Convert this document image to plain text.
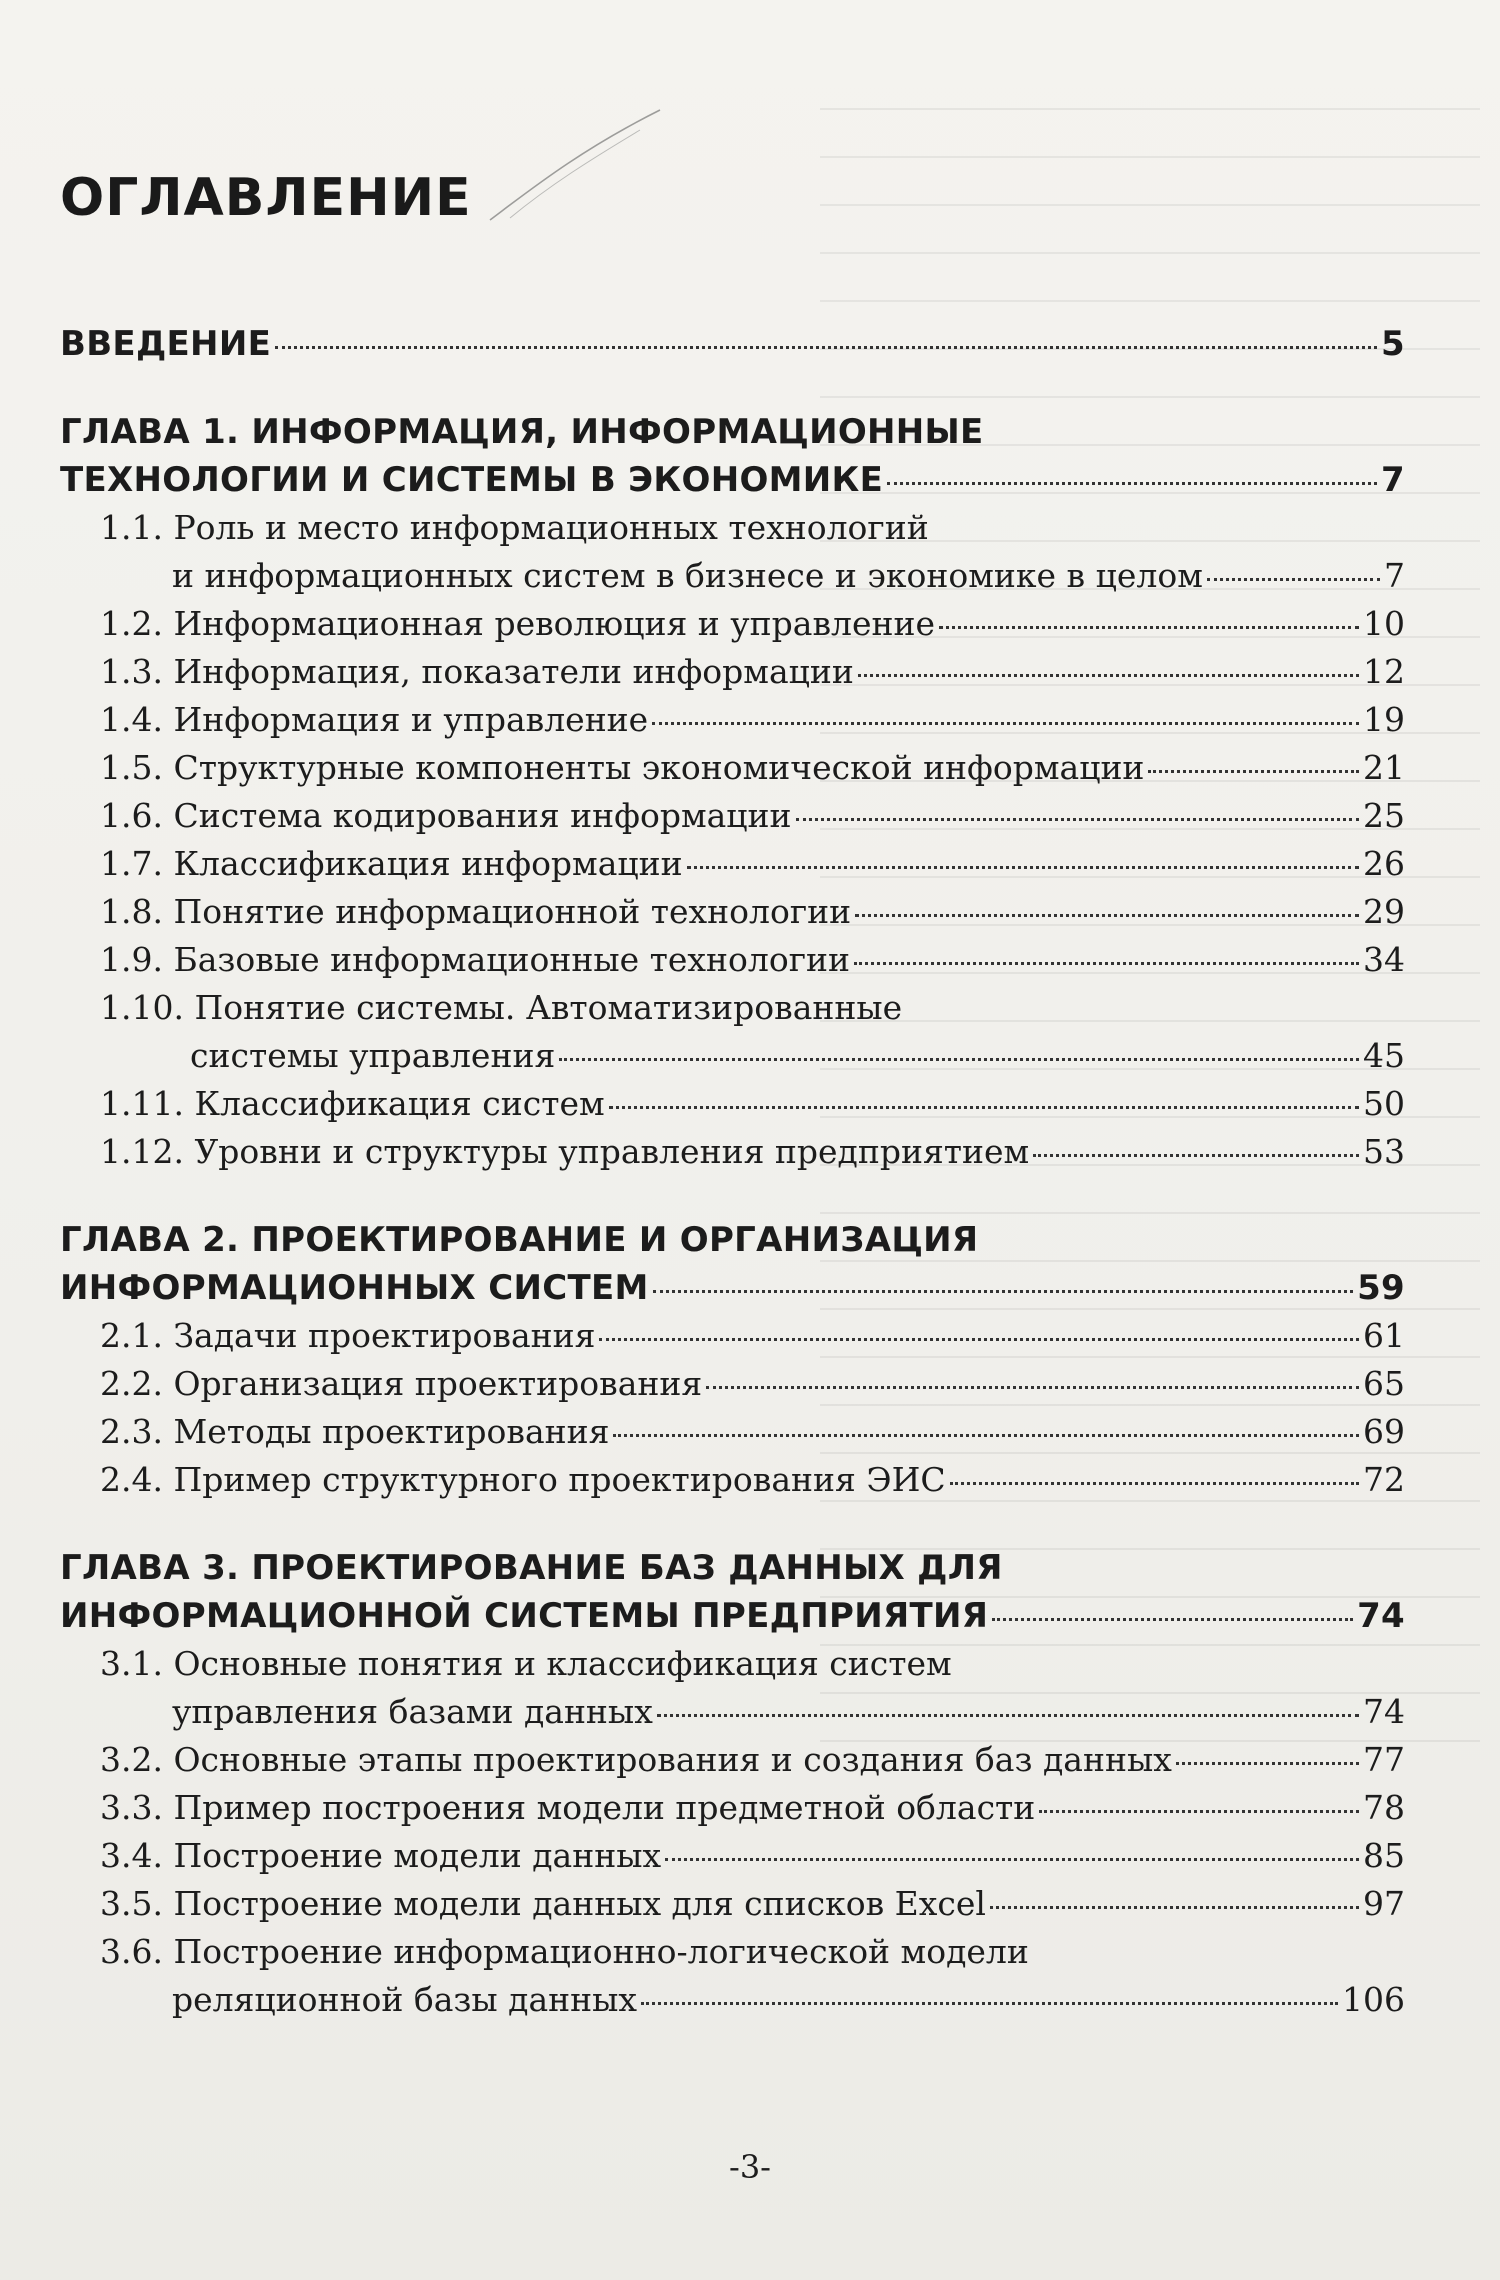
ОГЛАВЛЕНИЕ
ВВЕДЕНИЕ	5
ГЛАВА 1. ИНФОРМАЦИЯ, ИНФОРМАЦИОННЫЕ
ТЕХНОЛОГИИ И СИСТЕМЫ В ЭКОНОМИКЕ	7
1.1. Роль и место информационных технологий
и информационных систем в бизнесе и экономике в целом	7
1.2. Информационная революция и управление	10
1.3. Информация, показатели информации	12
1.4. Информация и управление	19
1.5. Структурные компоненты экономической информации	21
1.6. Система кодирования информации	25
1.7. Классификация информации	26
1.8. Понятие информационной технологии	29
1.9. Базовые информационные технологии	34
1.10. Понятие системы. Автоматизированные
системы управления	45
1.11. Классификация систем	50
1.12. Уровни и структуры управления предприятием	53
ГЛАВА 2. ПРОЕКТИРОВАНИЕ И ОРГАНИЗАЦИЯ
ИНФОРМАЦИОННЫХ СИСТЕМ	59
2.1. Задачи проектирования	61
2.2. Организация проектирования	65
2.3. Методы проектирования	69
2.4. Пример структурного проектирования ЭИС	72
ГЛАВА 3. ПРОЕКТИРОВАНИЕ БАЗ ДАННЫХ ДЛЯ
ИНФОРМАЦИОННОЙ СИСТЕМЫ ПРЕДПРИЯТИЯ	74
3.1. Основные понятия и классификация систем
управления базами данных	74
3.2. Основные этапы проектирования и создания баз данных	77
3.3. Пример построения модели предметной области	78
3.4. Построение модели данных	85
3.5. Построение модели данных для списков Excel	97
3.6. Построение информационно-логической модели
реляционной базы данных	106
-3-
